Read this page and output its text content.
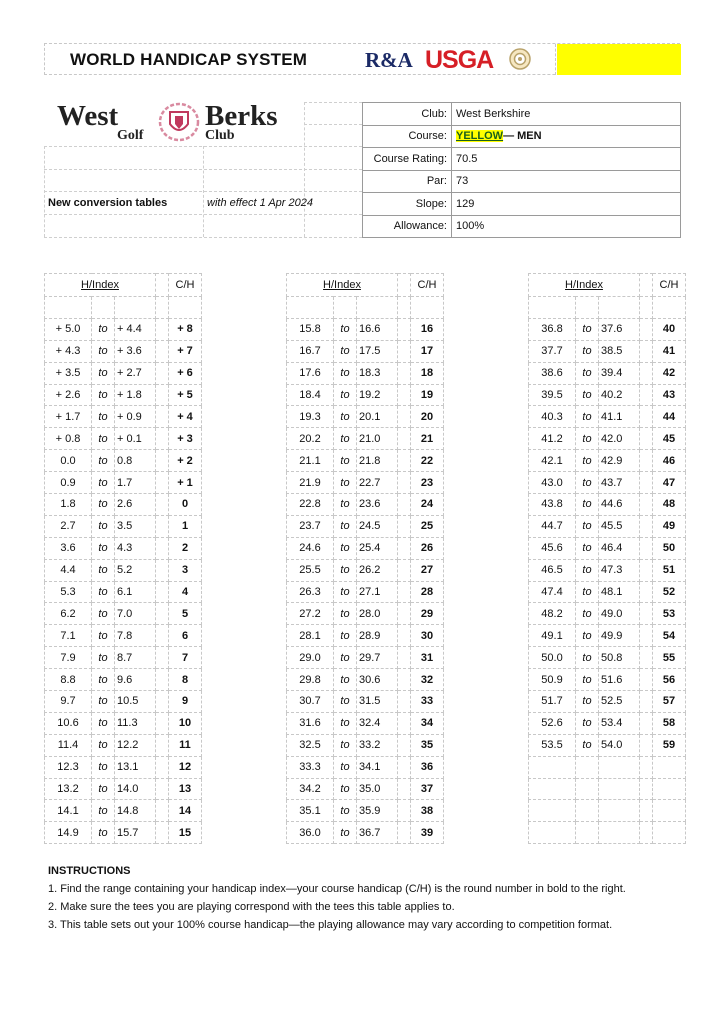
WORLD HANDICAP SYSTEM	R&A USGA
West	Berks
Golf	Club
New conversion tables	with effect 1 Apr 2024
Club:	West Berkshire
Course:	YELLOW— MEN
Course Rating:	70.5
Par:	73
Slope:	129
Allowance:	100%
H/Index				C/H

+ 5.0	to	+ 4.4		+ 8
+ 4.3	to	+ 3.6		+ 7
+ 3.5	to	+ 2.7		+ 6
+ 2.6	to	+ 1.8		+ 5
+ 1.7	to	+ 0.9		+ 4
+ 0.8	to	+ 0.1		+ 3
0.0	to	0.8		+ 2
0.9	to	1.7		+ 1
1.8	to	2.6		0
2.7	to	3.5		1
3.6	to	4.3		2
4.4	to	5.2		3
5.3	to	6.1		4
6.2	to	7.0		5
7.1	to	7.8		6
7.9	to	8.7		7
8.8	to	9.6		8
9.7	to	10.5		9
10.6	to	11.3		10
11.4	to	12.2		11
12.3	to	13.1		12
13.2	to	14.0		13
14.1	to	14.8		14
14.9	to	15.7		15
H/Index				C/H

15.8	to	16.6		16
16.7	to	17.5		17
17.6	to	18.3		18
18.4	to	19.2		19
19.3	to	20.1		20
20.2	to	21.0		21
21.1	to	21.8		22
21.9	to	22.7		23
22.8	to	23.6		24
23.7	to	24.5		25
24.6	to	25.4		26
25.5	to	26.2		27
26.3	to	27.1		28
27.2	to	28.0		29
28.1	to	28.9		30
29.0	to	29.7		31
29.8	to	30.6		32
30.7	to	31.5		33
31.6	to	32.4		34
32.5	to	33.2		35
33.3	to	34.1		36
34.2	to	35.0		37
35.1	to	35.9		38
36.0	to	36.7		39
H/Index				C/H

36.8	to	37.6		40
37.7	to	38.5		41
38.6	to	39.4		42
39.5	to	40.2		43
40.3	to	41.1		44
41.2	to	42.0		45
42.1	to	42.9		46
43.0	to	43.7		47
43.8	to	44.6		48
44.7	to	45.5		49
45.6	to	46.4		50
46.5	to	47.3		51
47.4	to	48.1		52
48.2	to	49.0		53
49.1	to	49.9		54
50.0	to	50.8		55
50.9	to	51.6		56
51.7	to	52.5		57
52.6	to	53.4		58
53.5	to	54.0		59

INSTRUCTIONS
1. Find the range containing your handicap index—your course handicap (C/H) is the round number in bold to the right.
2. Make sure the tees you are playing correspond with the tees this table applies to.
3. This table sets out your 100% course handicap—the playing allowance may vary according to competition format.
